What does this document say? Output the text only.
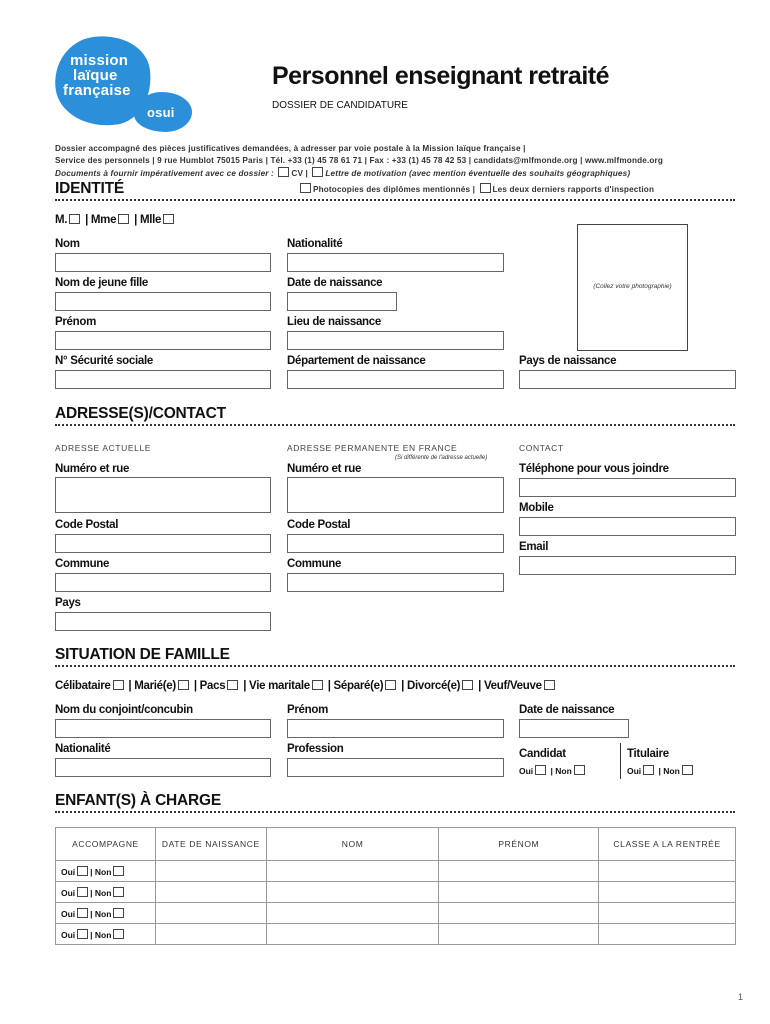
mission
laïque
française
osui
Personnel enseignant retraité
DOSSIER DE CANDIDATURE
Dossier accompagné des pièces justificatives demandées, à adresser par voie postale à la Mission laïque française |
Service des personnels | 9 rue Humblot 75015 Paris | Tél. +33 (1) 45 78 61 71 | Fax : +33 (1) 45 78 42 53 | candidats@mlfmonde.org | www.mlfmonde.org
Documents à fournir impérativement avec ce dossier : CV | Lettre de motivation (avec mention éventuelle des souhaits géographiques)
Photocopies des diplômes mentionnés | Les deux derniers rapports d'inspection
IDENTITÉ
M. | Mme | Mlle
Nom	Nationalité
Nom de jeune fille	Date de naissance
Prénom	Lieu de naissance
N° Sécurité sociale	Département de naissance	Pays de naissance
(Collez votre photographie)
ADRESSE(S)/CONTACT
ADRESSE ACTUELLE	ADRESSE PERMANENTE EN FRANCE	CONTACT
(Si différente de l'adresse actuelle)
Numéro et rue	Numéro et rue	Téléphone pour vous joindre
Mobile
Code Postal	Code Postal
Email
Commune	Commune
Pays
SITUATION DE FAMILLE
Célibataire | Marié(e) | Pacs | Vie maritale | Séparé(e) | Divorcé(e) | Veuf/Veuve
Nom du conjoint/concubin	Prénom	Date de naissance
Nationalité	Profession	Candidat
Oui | Non
Titulaire
Oui | Non
ENFANT(S) À CHARGE
ACCOMPAGNE	DATE DE NAISSANCE	NOM	PRÉNOM	CLASSE A LA RENTRÉE
Oui | Non				
Oui | Non				
Oui | Non				
Oui | Non				
1
